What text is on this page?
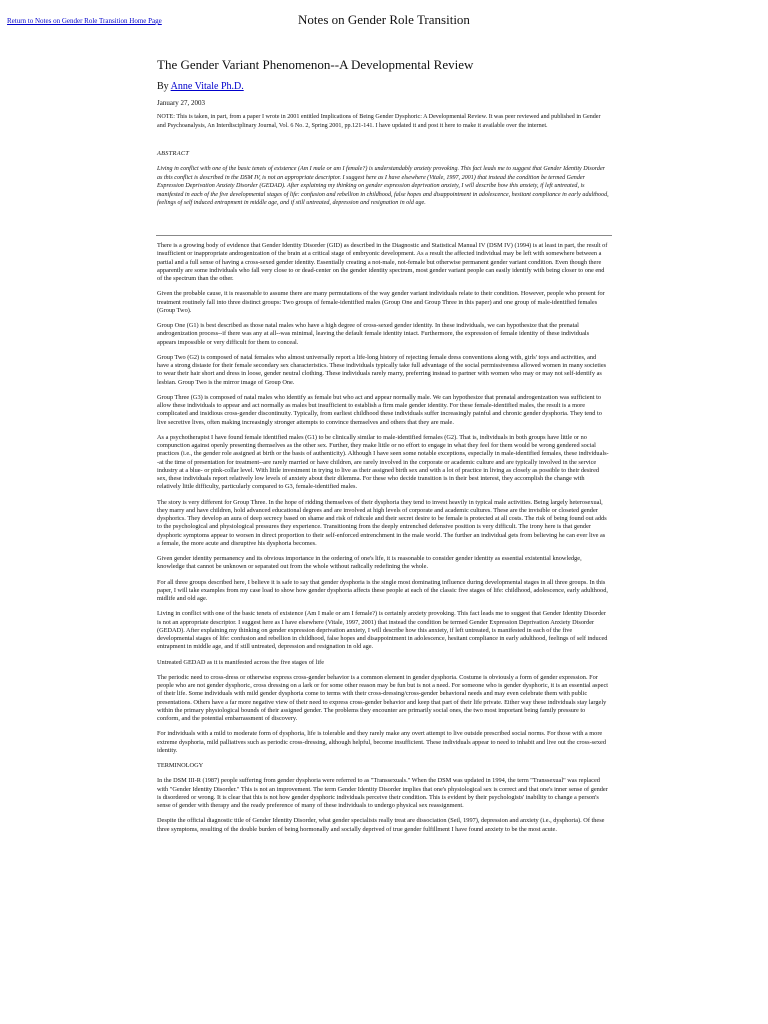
Return to Notes on Gender Role Transition Home Page	Notes on Gender Role Transition
The Gender Variant Phenomenon--A Developmental Review
By Anne Vitale Ph.D.
January 27, 2003

NOTE: This is taken, in part, from a paper I wrote in 2001 entitled Implications of Being Gender Dysphoric: A Developmental Review. It was peer reviewed and published in Gender and Psychoanalysis, An Interdisciplinary Journal, Vol. 6 No. 2, Spring 2001, pp.121-141. I have updated it and post it here to make it available over the internet.

ABSTRACT

Living in conflict with one of the basic tenets of existence (Am I male or am I female?) is understandably anxiety provoking. This fact leads me to suggest that Gender Identity Disorder as this conflict is described in the DSM IV, is not an appropriate descriptor. I suggest here as I have elsewhere (Vitale, 1997, 2001) that instead the condition be termed Gender Expression Deprivation Anxiety Disorder (GEDAD). After explaining my thinking on gender expression deprivation anxiety, I will describe how this anxiety, if left untreated, is manifested in each of the five developmental stages of life: confusion and rebellion in childhood, false hopes and disappointment in adolescence, hesitant compliance in early adulthood, feelings of self induced entrapment in middle age, and if still untreated, depression and resignation in old age.

There is a growing body of evidence that Gender Identity Disorder (GID) as described in the Diagnostic and Statistical Manual IV (DSM IV) (1994) is at least in part, the result of insufficient or inappropriate androgenization of the brain at a critical stage of embryonic development. As a result the affected individual may be left with somewhere between a partial and a full sense of having a cross-sexed gender identity. Essentially creating a not-male, not-female but otherwise permanent gender variant condition. Even though there apparently are some individuals who fall very close to or dead-center on the gender identity spectrum, most gender variant people can easily identify with being closer to one end of the spectrum than the other.

Given the probable cause, it is reasonable to assume there are many permutations of the way gender variant individuals relate to their condition. However, people who present for treatment routinely fall into three distinct groups: Two groups of female-identified males (Group One and Group Three in this paper) and one group of male-identified females (Group Two).

Group One (G1) is best described as those natal males who have a high degree of cross-sexed gender identity. In these individuals, we can hypothesize that the prenatal androgenization process--if there was any at all--was minimal, leaving the default female identity intact. Furthermore, the expression of female identity of these individuals appears impossible or very difficult for them to conceal.

Group Two (G2) is composed of natal females who almost universally report a life-long history of rejecting female dress conventions along with, girls' toys and activities, and have a strong distaste for their female secondary sex characteristics. These individuals typically take full advantage of the social permissiveness allowed women in many societies to wear their hair short and dress in loose, gender neutral clothing. These individuals rarely marry, preferring instead to partner with women who may or may not self-identify as lesbian. Group Two is the mirror image of Group One.

Group Three (G3) is composed of natal males who identify as female but who act and appear normally male. We can hypothesize that prenatal androgenization was sufficient to allow these individuals to appear and act normally as males but insufficient to establish a firm male gender identity. For these female-identified males, the result is a more complicated and insidious cross-gender discontinuity. Typically, from earliest childhood these individuals suffer increasingly painful and chronic gender dysphoria. They tend to live secretive lives, often making increasingly stronger attempts to convince themselves and others that they are male.

As a psychotherapist I have found female identified males (G1) to be clinically similar to male-identified females (G2). That is, individuals in both groups have little or no compunction against openly presenting themselves as the other sex. Further, they make little or no effort to engage in what they feel for them would be wrong gendered social practices (i.e., the gender role assigned at birth or the basis of authenticity). Although I have seen some notable exceptions, especially in male-identified females, these individuals--at the time of presentation for treatment--are rarely married or have children, are rarely involved in the corporate or academic culture and are typically involved in the service industry at a blue- or pink-collar level. With little investment in trying to live as their assigned birth sex and with a lot of practice in living as closely as possible to their desired sex, these individuals report relatively low levels of anxiety about their dilemma. For these who decide transition is in their best interest, they accomplish the change with relatively little difficulty, particularly compared to G3, female-identified males.

The story is very different for Group Three. In the hope of ridding themselves of their dysphoria they tend to invest heavily in typical male activities. Being largely heterosexual, they marry and have children, hold advanced educational degrees and are involved at high levels of corporate and academic cultures. These are the invisible or closeted gender dysphorics. They develop an aura of deep secrecy based on shame and risk of ridicule and their secret desire to be female is protected at all costs. The risk of being found out adds to the psychological and physiological pressures they experience. Transitioning from the deeply entrenched defensive position is very difficult. The irony here is that gender dysphoric symptoms appear to worsen in direct proportion to their self-enforced entrenchment in the male world. The further an individual gets from believing he can ever live as a female, the more acute and disruptive his dysphoria becomes.

Given gender identity permanency and its obvious importance in the ordering of one's life, it is reasonable to consider gender identity as essential existential knowledge, knowledge that cannot be unknown or separated out from the whole without radically redefining the whole.

For all three groups described here, I believe it is safe to say that gender dysphoria is the single most dominating influence during developmental stages in all three groups. In this paper, I will take examples from my case load to show how gender dysphoria affects these people at each of the classic five stages of life: childhood, adolescence, early adulthood, midlife and old age.

Living in conflict with one of the basic tenets of existence (Am I male or am I female?) is certainly anxiety provoking. This fact leads me to suggest that Gender Identity Disorder is not an appropriate descriptor. I suggest here as I have elsewhere (Vitale, 1997, 2001) that instead the condition be termed Gender Expression Deprivation Anxiety Disorder (GEDAD). After explaining my thinking on gender expression deprivation anxiety, I will describe how this anxiety, if left untreated, is manifested in each of the five developmental stages of life: confusion and rebellion in childhood, false hopes and disappointment in adolescence, hesitant compliance in early adulthood, feelings of self induced entrapment in middle age, and if still untreated, depression and resignation in old age.

Untreated GEDAD as it is manifested across the five stages of life

The periodic need to cross-dress or otherwise express cross-gender behavior is a common element in gender dysphoria. Costume is obviously a form of gender expression. For people who are not gender dysphoric, cross dressing on a lark or for some other reason may be fun but is not a need. For someone who is gender dysphoric, it is an essential aspect of their life. Some individuals with mild gender dysphoria come to terms with their cross-dressing/cross-gender behavioral needs and may even celebrate them with public presentations. Others have a far more negative view of their need to express cross-gender behavior and keep that part of their life private. Either way these individuals stay largely within the primary physiological bounds of their assigned gender. The problems they encounter are primarily social ones, the two most important being family pressure to conform, and the potential embarrassment of discovery.

For individuals with a mild to moderate form of dysphoria, life is tolerable and they rarely make any overt attempt to live outside prescribed social norms. For those with a more extreme dysphoria, mild palliatives such as periodic cross-dressing, although helpful, become insufficient. These individuals appear to need to inhabit and live out the cross-sexed identity.

TERMINOLOGY

In the DSM III-R (1987) people suffering from gender dysphoria were referred to as "Transsexuals." When the DSM was updated in 1994, the term "Transsexual" was replaced with "Gender Identity Disorder." This is not an improvement. The term Gender Identity Disorder implies that one's physiological sex is correct and that one's inner sense of gender is disordered or wrong. It is clear that this is not how gender dysphoric individuals perceive their condition. This is evident by their psychologists' inability to change a person's sense of gender with therapy and the ready preference of many of these individuals to undergo physical sex reassignment.

Despite the official diagnostic title of Gender Identity Disorder, what gender specialists really treat are dissociation (Seil, 1997), depression and anxiety (i.e., dysphoria). Of these three symptoms, resulting of the double burden of being hormonally and socially deprived of true gender fulfillment I have found anxiety to be the most acute.
